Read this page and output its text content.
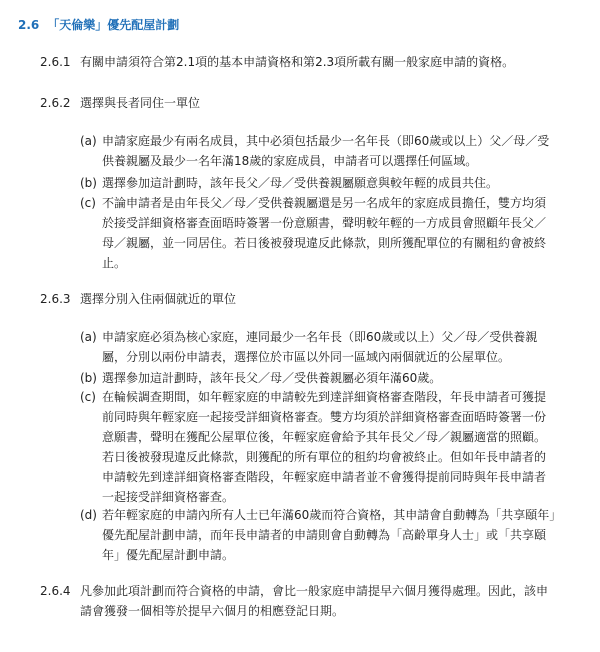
2.6 「天倫樂」優先配屋計劃
2.6.1 有關申請須符合第2.1項的基本申請資格和第2.3項所載有關一般家庭申請的資格。
2.6.2 選擇與長者同住一單位
(a) 申請家庭最少有兩名成員，其中必須包括最少一名年長（即60歲或以上）父／母／受供養親屬及最少一名年滿18歲的家庭成員，申請者可以選擇任何區域。
(b) 選擇參加這計劃時，該年長父／母／受供養親屬願意與較年輕的成員共住。
(c) 不論申請者是由年長父／母／受供養親屬還是另一名成年的家庭成員擔任，雙方均須於接受詳細資格審查面晤時簽署一份意願書，聲明較年輕的一方成員會照顧年長父／母／親屬，並一同居住。若日後被發現違反此條款，則所獲配單位的有關租約會被終止。
2.6.3 選擇分別入住兩個就近的單位
(a) 申請家庭必須為核心家庭，連同最少一名年長（即60歲或以上）父／母／受供養親屬，分別以兩份申請表，選擇位於市區以外同一區域內兩個就近的公屋單位。
(b) 選擇參加這計劃時，該年長父／母／受供養親屬必須年滿60歲。
(c) 在輪候調查期間，如年輕家庭的申請較先到達詳細資格審查階段，年長申請者可獲提前同時與年輕家庭一起接受詳細資格審查。雙方均須於詳細資格審查面晤時簽署一份意願書，聲明在獲配公屋單位後，年輕家庭會給予其年長父／母／親屬適當的照顧。若日後被發現違反此條款，則獲配的所有單位的租約均會被終止。但如年長申請者的申請較先到達詳細資格審查階段，年輕家庭申請者並不會獲得提前同時與年長申請者一起接受詳細資格審查。
(d) 若年輕家庭的申請內所有人士已年滿60歲而符合資格，其申請會自動轉為「共享頤年」優先配屋計劃申請，而年長申請者的申請則會自動轉為「高齡單身人士」或「共享頤年」優先配屋計劃申請。
2.6.4 凡參加此項計劃而符合資格的申請，會比一般家庭申請提早六個月獲得處理。因此，該申請會獲發一個相等於提早六個月的相應登記日期。
